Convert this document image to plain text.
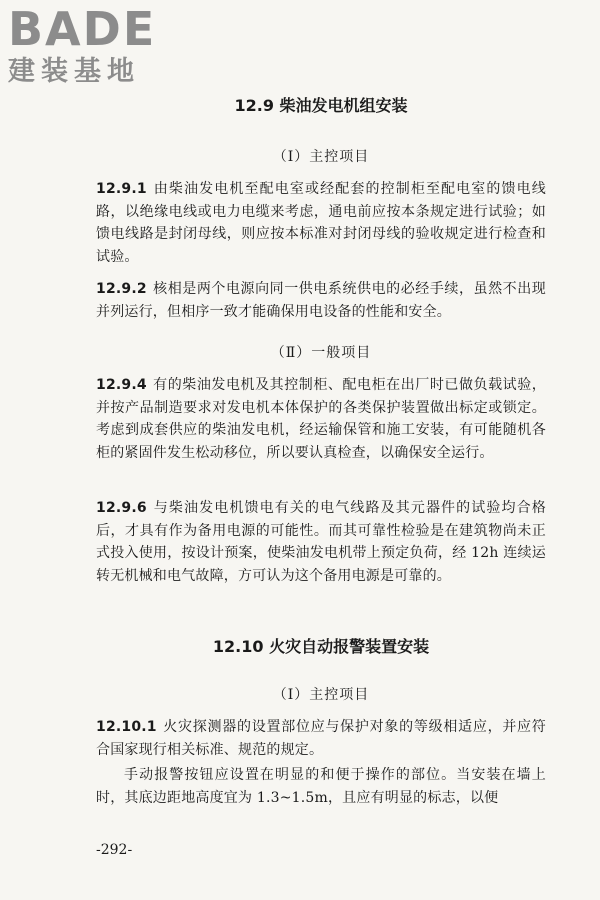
BADE
建装基地
12.9 柴油发电机组安装
（Ⅰ）主控项目
12.9.1 由柴油发电机至配电室或经配套的控制柜至配电室的馈电线路，以绝缘电线或电力电缆来考虑，通电前应按本条规定进行试验；如馈电线路是封闭母线，则应按本标准对封闭母线的验收规定进行检查和试验。
12.9.2 核相是两个电源向同一供电系统供电的必经手续，虽然不出现并列运行，但相序一致才能确保用电设备的性能和安全。
（Ⅱ）一般项目
12.9.4 有的柴油发电机及其控制柜、配电柜在出厂时已做负载试验，并按产品制造要求对发电机本体保护的各类保护装置做出标定或锁定。考虑到成套供应的柴油发电机，经运输保管和施工安装，有可能随机各柜的紧固件发生松动移位，所以要认真检查，以确保安全运行。
12.9.6 与柴油发电机馈电有关的电气线路及其元器件的试验均合格后，才具有作为备用电源的可能性。而其可靠性检验是在建筑物尚未正式投入使用，按设计预案，使柴油发电机带上预定负荷，经 12h 连续运转无机械和电气故障，方可认为这个备用电源是可靠的。
12.10 火灾自动报警装置安装
（Ⅰ）主控项目
12.10.1 火灾探测器的设置部位应与保护对象的等级相适应，并应符合国家现行相关标准、规范的规定。
手动报警按钮应设置在明显的和便于操作的部位。当安装在墙上时，其底边距地高度宜为 1.3~1.5m，且应有明显的标志，以便
-292-
